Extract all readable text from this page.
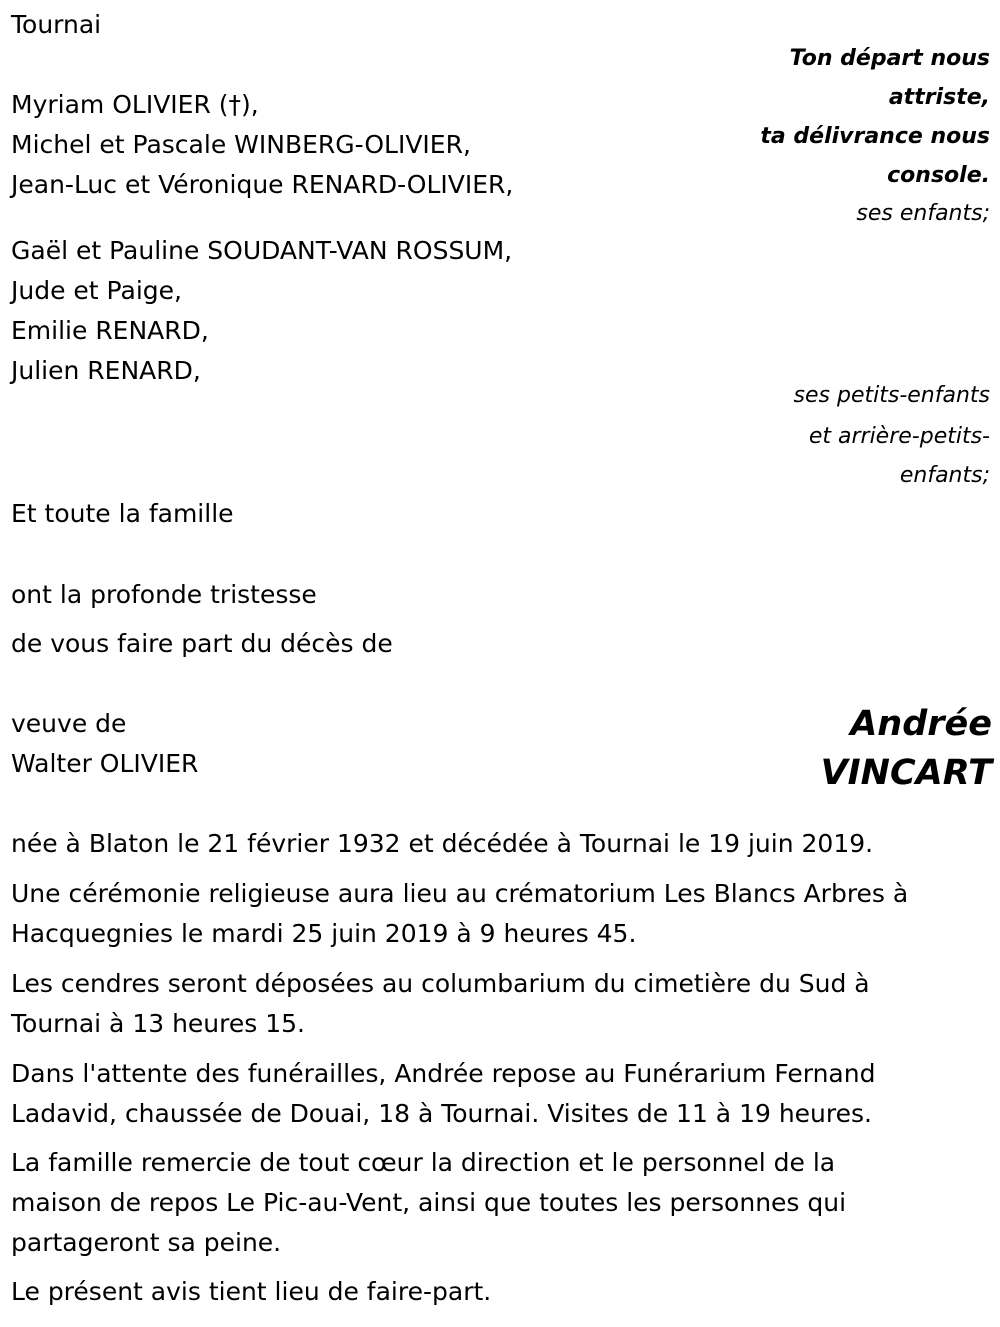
Tournai
Ton départ nous
attriste,
ta délivrance nous
console.
Myriam OLIVIER (†),
Michel et Pascale WINBERG-OLIVIER,
Jean-Luc et Véronique RENARD-OLIVIER,
ses enfants;
Gaël et Pauline SOUDANT-VAN ROSSUM,
Jude et Paige,
Emilie RENARD,
Julien RENARD,
ses petits-enfants
et arrière-petits-
enfants;
Et toute la famille
ont la profonde tristesse
de vous faire part du décès de
veuve de
Walter OLIVIER
Andrée
VINCART
née à Blaton le 21 février 1932 et décédée à Tournai le 19 juin 2019.
Une cérémonie religieuse aura lieu au crématorium Les Blancs Arbres à
Hacquegnies le mardi 25 juin 2019 à 9 heures 45.
Les cendres seront déposées au columbarium du cimetière du Sud à
Tournai à 13 heures 15.
Dans l'attente des funérailles, Andrée repose au Funérarium Fernand
Ladavid, chaussée de Douai, 18 à Tournai. Visites de 11 à 19 heures.
La famille remercie de tout cœur la direction et le personnel de la
maison de repos Le Pic-au-Vent, ainsi que toutes les personnes qui
partageront sa peine.
Le présent avis tient lieu de faire-part.
